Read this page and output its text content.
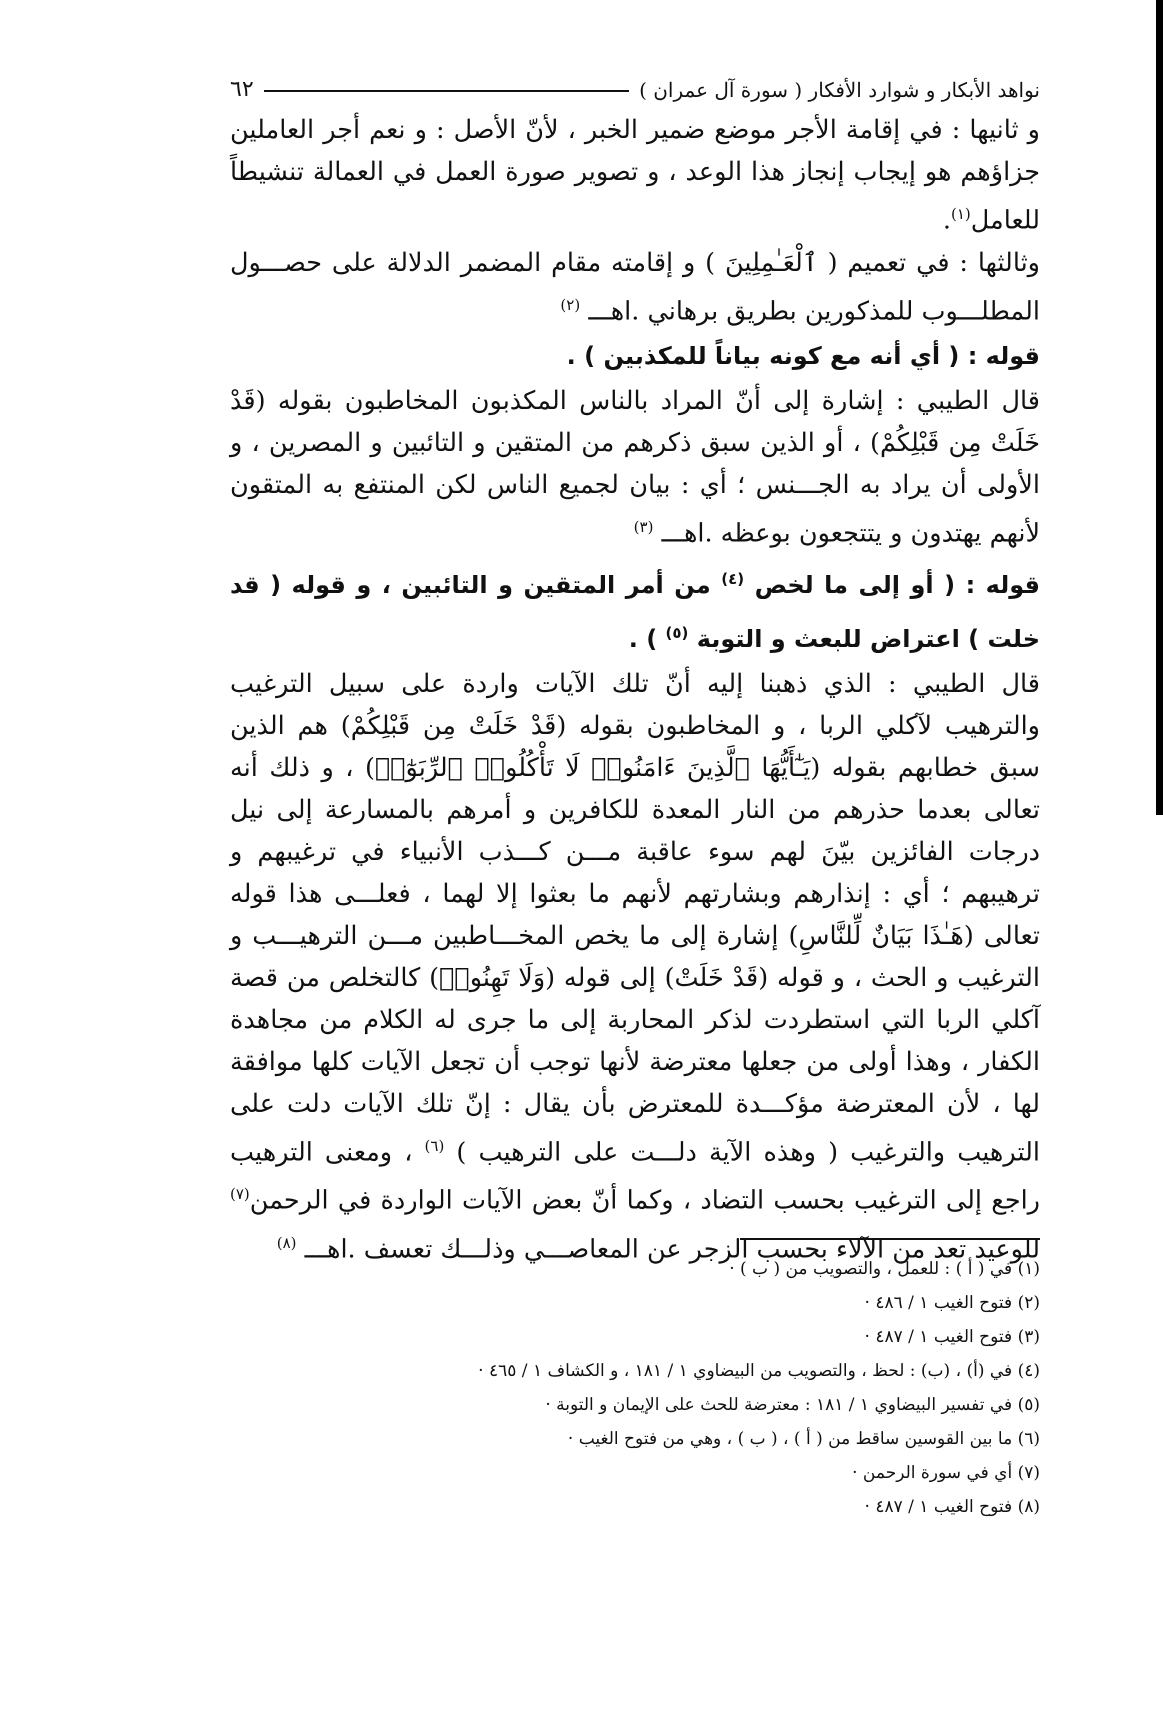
نواهد الأبكار و شوارد الأفكار ( سورة آل عمران )
٦٢

و ثانيها : في إقامة الأجر موضع ضمير الخبر ، لأنّ الأصل : و نعم أجر العاملين جزاؤهم هو إيجاب إنجاز هذا الوعد ، و تصوير صورة العمل في العمالة تنشيطاً للعامل$^{(١)}$.

وثالثها : في تعميم ( ٱلْعَـٰمِلِينَ ) و إقامته مقام المضمر الدلالة على حصـــول المطلـــوب للمذكورين بطريق برهاني .اهـــ $^{(٢)}$

قوله : ( أي أنه مع كونه بياناً للمكذبين ) .

قال الطيبي : إشارة إلى أنّ المراد بالناس المكذبون المخاطبون بقوله (قَدْ خَلَتْ مِن قَبْلِكُمْ) ، أو الذين سبق ذكرهم من المتقين و التائبين و المصرين ، و الأولى أن يراد به الجـــنس ؛ أي : بيان لجميع الناس لكن المنتفع به المتقون لأنهم يهتدون و يتتجعون بوعظه .اهـــ $^{(٣)}$

قوله : ( أو إلى ما لخص $^{(٤)}$ من أمر المتقين و التائبين ، و قوله ( قد خلت ) اعتراض للبعث و التوبة $^{(٥)}$ ) .

قال الطيبي : الذي ذهبنا إليه أنّ تلك الآيات واردة على سبيل الترغيب والترهيب لآكلي الربا ، و المخاطبون بقوله (قَدْ خَلَتْ مِن قَبْلِكُمْ) هم الذين سبق خطابهم بقوله (يَـٰٓأَيُّهَا ٱلَّذِينَ ءَامَنُوا۟ لَا تَأْكُلُوا۟ ٱلرِّبَوٰٓا۟) ، و ذلك أنه تعالى بعدما حذرهم من النار المعدة للكافرين و أمرهم بالمسارعة إلى نيل درجات الفائزين بيّنَ لهم سوء عاقبة مـــن كـــذب الأنبياء في ترغيبهم و ترهيبهم ؛ أي : إنذارهم وبشارتهم لأنهم ما بعثوا إلا لهما ، فعلـــى هذا قوله تعالى (هَـٰذَا بَيَانٌ لِّلنَّاسِ) إشارة إلى ما يخص المخـــاطبين مـــن الترهيـــب و الترغيب و الحث ، و قوله (قَدْ خَلَتْ) إلى قوله (وَلَا تَهِنُوا۟) كالتخلص من قصة آكلي الربا التي استطردت لذكر المحاربة إلى ما جرى له الكلام من مجاهدة الكفار ، وهذا أولى من جعلها معترضة لأنها توجب أن تجعل الآيات كلها موافقة لها ، لأن المعترضة مؤكـــدة للمعترض بأن يقال : إنّ تلك الآيات دلت على الترهيب والترغيب ( وهذه الآية دلـــت على الترهيب ) $^{(٦)}$ ، ومعنى الترهيب راجع إلى الترغيب بحسب التضاد ، وكما أنّ بعض الآيات الواردة في الرحمن$^{(٧)}$ للوعيد تعد من الآلاء بحسب الزجر عن المعاصـــي وذلـــك تعسف .اهـــ $^{(٨)}$

(١) في ( أ ) : للعمل ، والتصويب من ( ب ) ·
(٢) فتوح الغيب ١ / ٤٨٦ ·
(٣) فتوح الغيب ١ / ٤٨٧ ·
(٤) في (أ) ، (ب) : لحظ ، والتصويب من البيضاوي ١ / ١٨١ ، و الكشاف ١ / ٤٦٥ ·
(٥) في تفسير البيضاوي ١ / ١٨١ : معترضة للحث على الإيمان و التوبة ·
(٦) ما بين القوسين ساقط من ( أ ) ، ( ب ) ، وهي من فتوح الغيب ·
(٧) أي في سورة الرحمن ·
(٨) فتوح الغيب ١ / ٤٨٧ ·
